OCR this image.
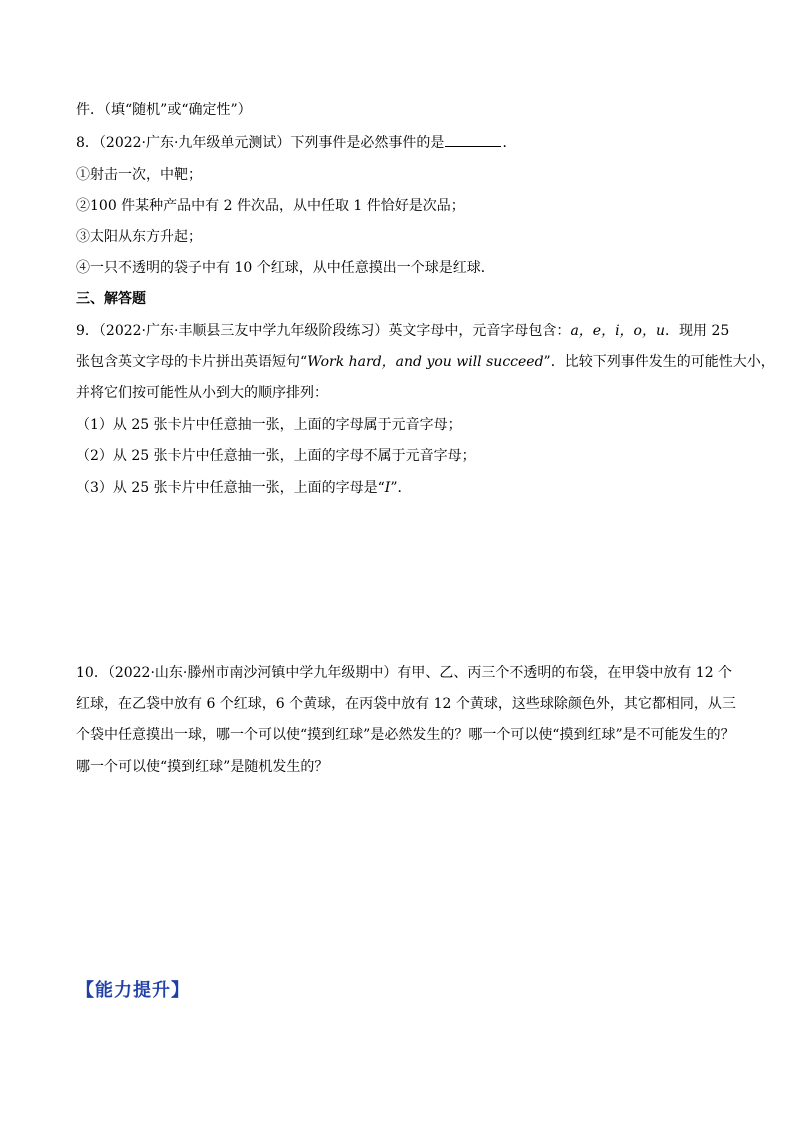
件．（填“随机”或“确定性”）
8．（2022·广东·九年级单元测试）下列事件是必然事件的是	．
①射击一次，中靶；
②100 件某种产品中有 2 件次品，从中任取 1 件恰好是次品；
③太阳从东方升起；
④一只不透明的袋子中有 10 个红球，从中任意摸出一个球是红球．
三、解答题
9．（2022·广东·丰顺县三友中学九年级阶段练习）英文字母中，元音字母包含：a，e，i，o，u．现用 25
张包含英文字母的卡片拼出英语短句“Work hard，and you will succeed”．比较下列事件发生的可能性大小，
并将它们按可能性从小到大的顺序排列：
（1）从 25 张卡片中任意抽一张，上面的字母属于元音字母；
（2）从 25 张卡片中任意抽一张，上面的字母不属于元音字母；
（3）从 25 张卡片中任意抽一张，上面的字母是“I”．
10．（2022·山东·滕州市南沙河镇中学九年级期中）有甲、乙、丙三个不透明的布袋，在甲袋中放有 12 个
红球，在乙袋中放有 6 个红球，6 个黄球，在丙袋中放有 12 个黄球，这些球除颜色外，其它都相同，从三
个袋中任意摸出一球，哪一个可以使“摸到红球”是必然发生的？哪一个可以使“摸到红球”是不可能发生的？
哪一个可以使“摸到红球”是随机发生的？
【能力提升】
